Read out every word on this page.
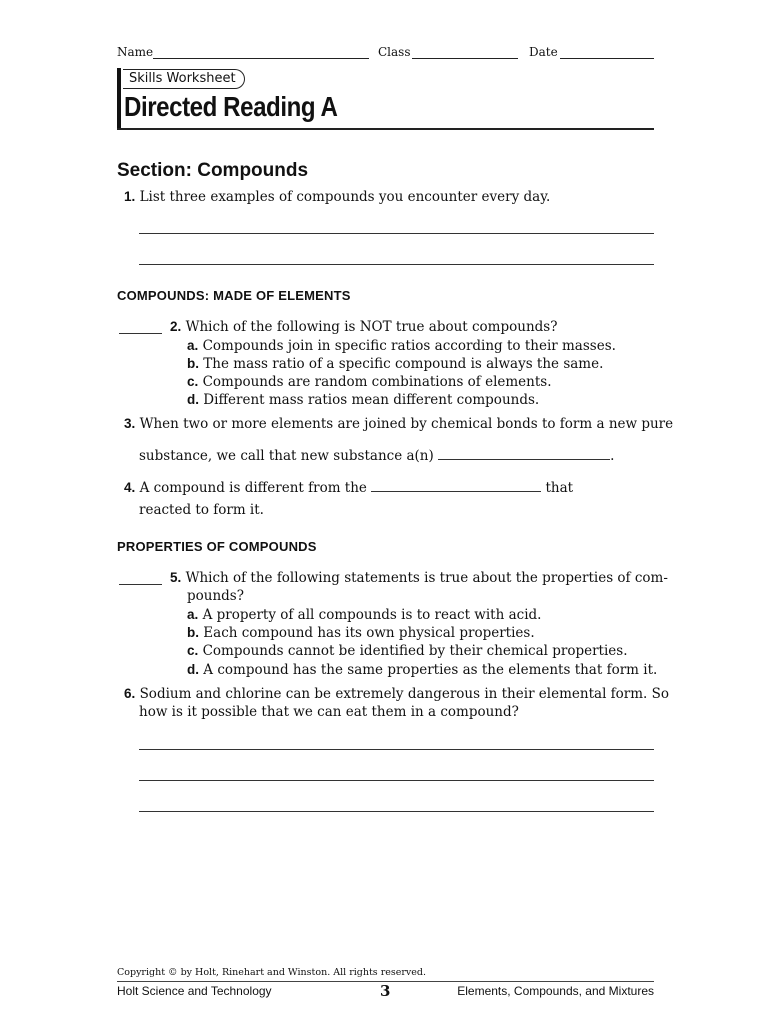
Name	Class	Date
Skills Worksheet
Directed Reading A
Section: Compounds
1. List three examples of compounds you encounter every day.
COMPOUNDS: MADE OF ELEMENTS
2. Which of the following is NOT true about compounds?
a. Compounds join in specific ratios according to their masses.
b. The mass ratio of a specific compound is always the same.
c. Compounds are random combinations of elements.
d. Different mass ratios mean different compounds.
3. When two or more elements are joined by chemical bonds to form a new pure
substance, we call that new substance a(n)	.
4. A compound is different from the	that
reacted to form it.
PROPERTIES OF COMPOUNDS
5. Which of the following statements is true about the properties of com-
pounds?
a. A property of all compounds is to react with acid.
b. Each compound has its own physical properties.
c. Compounds cannot be identified by their chemical properties.
d. A compound has the same properties as the elements that form it.
6. Sodium and chlorine can be extremely dangerous in their elemental form. So
how is it possible that we can eat them in a compound?
Copyright © by Holt, Rinehart and Winston. All rights reserved.
Holt Science and Technology	3	Elements, Compounds, and Mixtures
